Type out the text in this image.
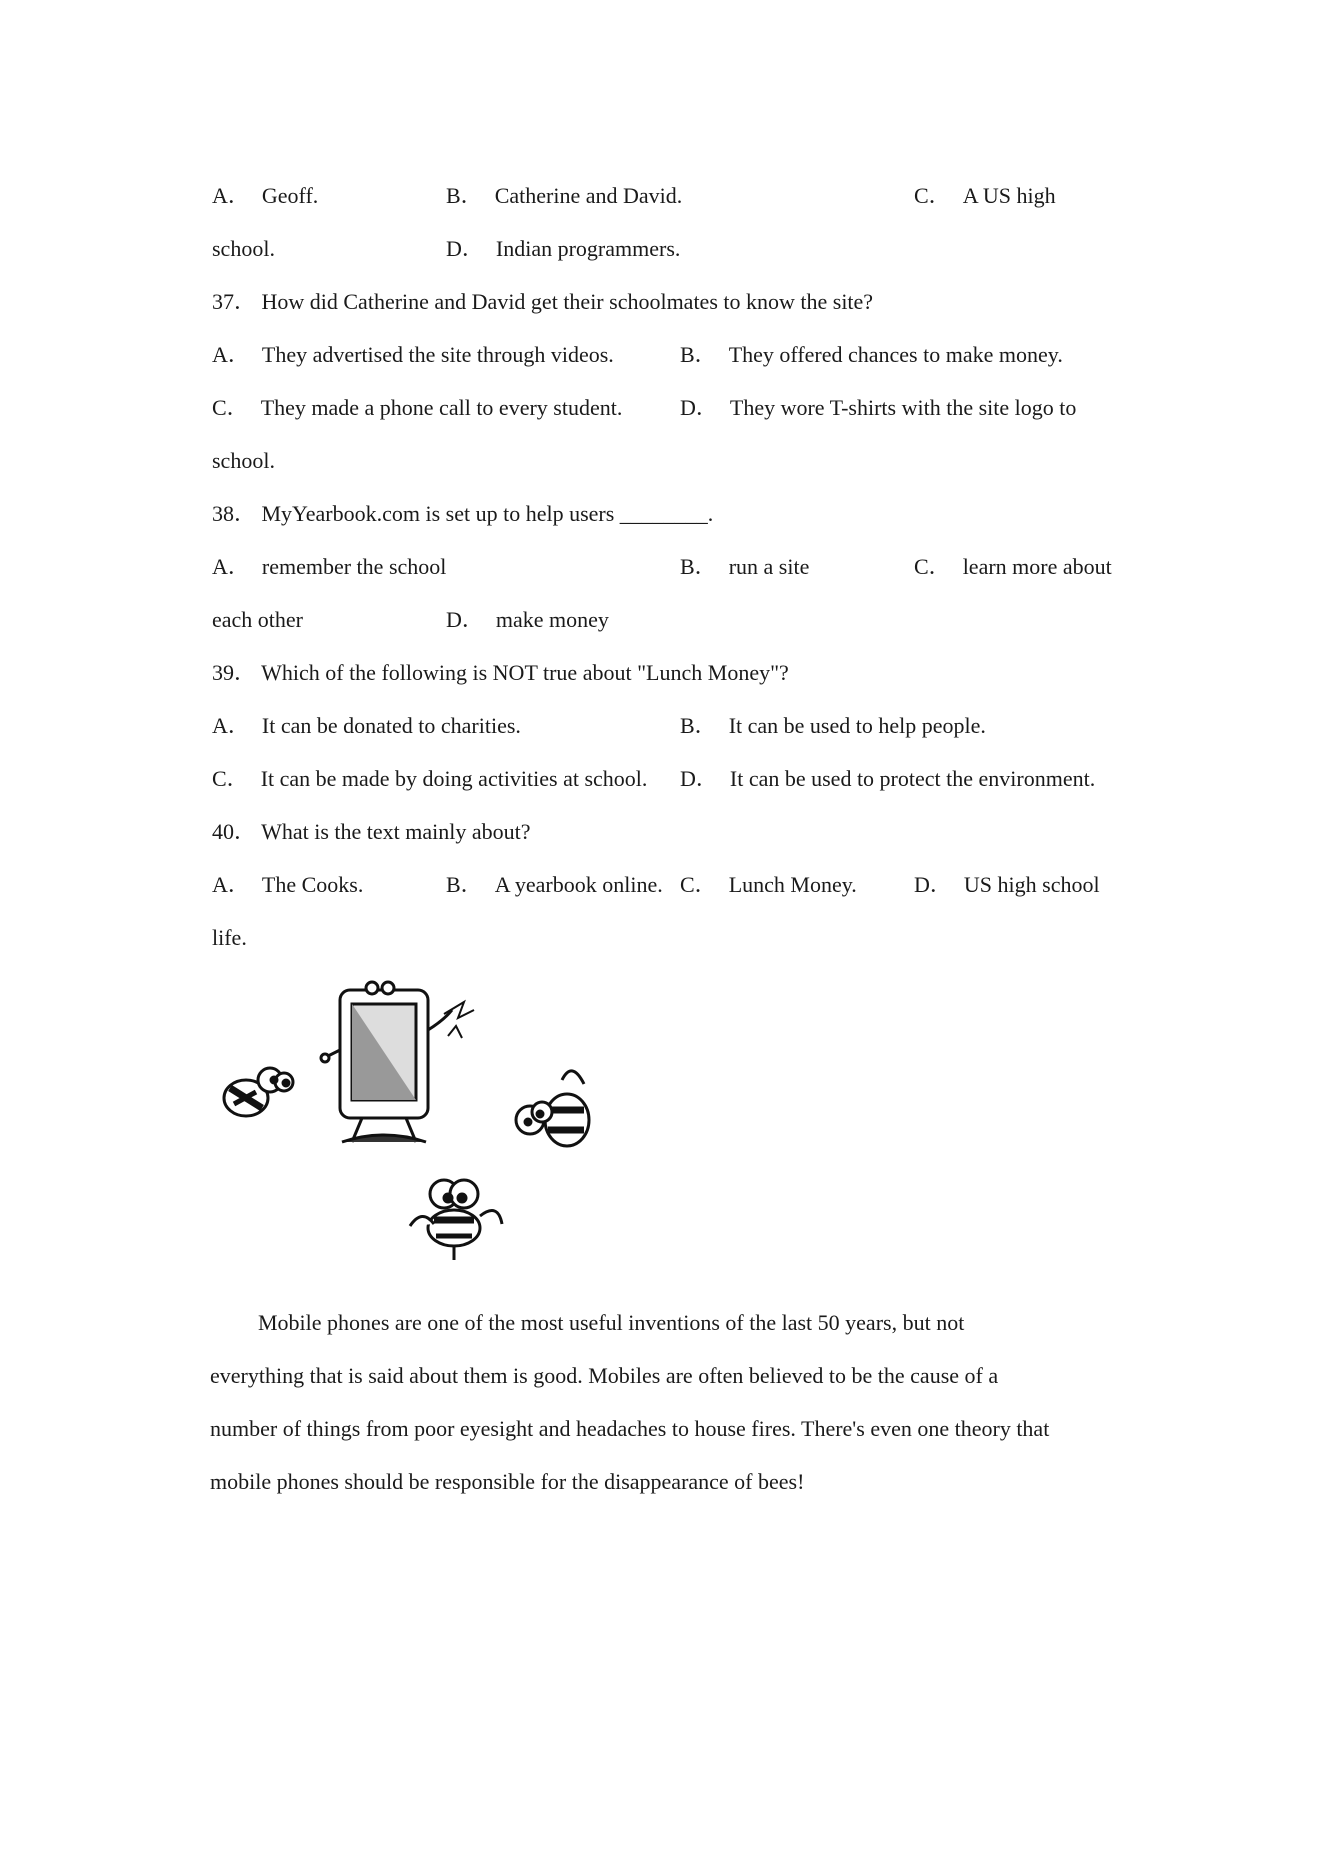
A． Geoff.	B． Catherine and David.	C． A US high
school.	D． Indian programmers.
37． How did Catherine and David get their schoolmates to know the site?
A． They advertised the site through videos.	B． They offered chances to make money.
C． They made a phone call to every student.	D． They wore T-shirts with the site logo to
school.
38． MyYearbook.com is set up to help users ________.
A． remember the school	B． run a site	C． learn more about
each other	D． make money
39． Which of the following is NOT true about "Lunch Money"?
A． It can be donated to charities.	B． It can be used to help people.
C． It can be made by doing activities at school. D． It can be used to protect the environment.
40． What is the text mainly about?
A． The Cooks.	B． A yearbook online. C． Lunch Money.	D． US high school
life.
Mobile phones are one of the most useful inventions of the last 50 years, but not
everything that is said about them is good. Mobiles are often believed to be the cause of a
number of things from poor eyesight and headaches to house fires. There's even one theory that
mobile phones should be responsible for the disappearance of bees!
